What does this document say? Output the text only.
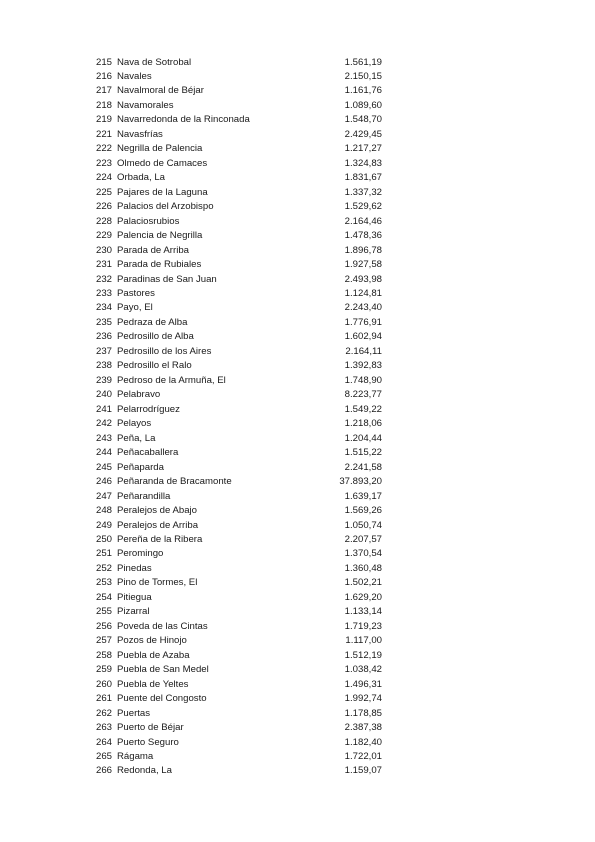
215 Nava de Sotrobal	1.561,19
216 Navales	2.150,15
217 Navalmoral de Béjar	1.161,76
218 Navamorales	1.089,60
219 Navarredonda de la Rinconada	1.548,70
221 Navasfrías	2.429,45
222 Negrilla de Palencia	1.217,27
223 Olmedo de Camaces	1.324,83
224 Orbada, La	1.831,67
225 Pajares de la Laguna	1.337,32
226 Palacios del Arzobispo	1.529,62
228 Palaciosrubios	2.164,46
229 Palencia de Negrilla	1.478,36
230 Parada de Arriba	1.896,78
231 Parada de Rubiales	1.927,58
232 Paradinas de San Juan	2.493,98
233 Pastores	1.124,81
234 Payo, El	2.243,40
235 Pedraza de Alba	1.776,91
236 Pedrosillo de Alba	1.602,94
237 Pedrosillo de los Aires	2.164,11
238 Pedrosillo el Ralo	1.392,83
239 Pedroso de la Armuña, El	1.748,90
240 Pelabravo	8.223,77
241 Pelarrodríguez	1.549,22
242 Pelayos	1.218,06
243 Peña, La	1.204,44
244 Peñacaballera	1.515,22
245 Peñaparda	2.241,58
246 Peñaranda de Bracamonte	37.893,20
247 Peñarandilla	1.639,17
248 Peralejos de Abajo	1.569,26
249 Peralejos de Arriba	1.050,74
250 Pereña de la Ribera	2.207,57
251 Peromingo	1.370,54
252 Pinedas	1.360,48
253 Pino de Tormes, El	1.502,21
254 Pitiegua	1.629,20
255 Pizarral	1.133,14
256 Poveda de las Cintas	1.719,23
257 Pozos de Hinojo	1.117,00
258 Puebla de Azaba	1.512,19
259 Puebla de San Medel	1.038,42
260 Puebla de Yeltes	1.496,31
261 Puente del Congosto	1.992,74
262 Puertas	1.178,85
263 Puerto de Béjar	2.387,38
264 Puerto Seguro	1.182,40
265 Rágama	1.722,01
266 Redonda, La	1.159,07
